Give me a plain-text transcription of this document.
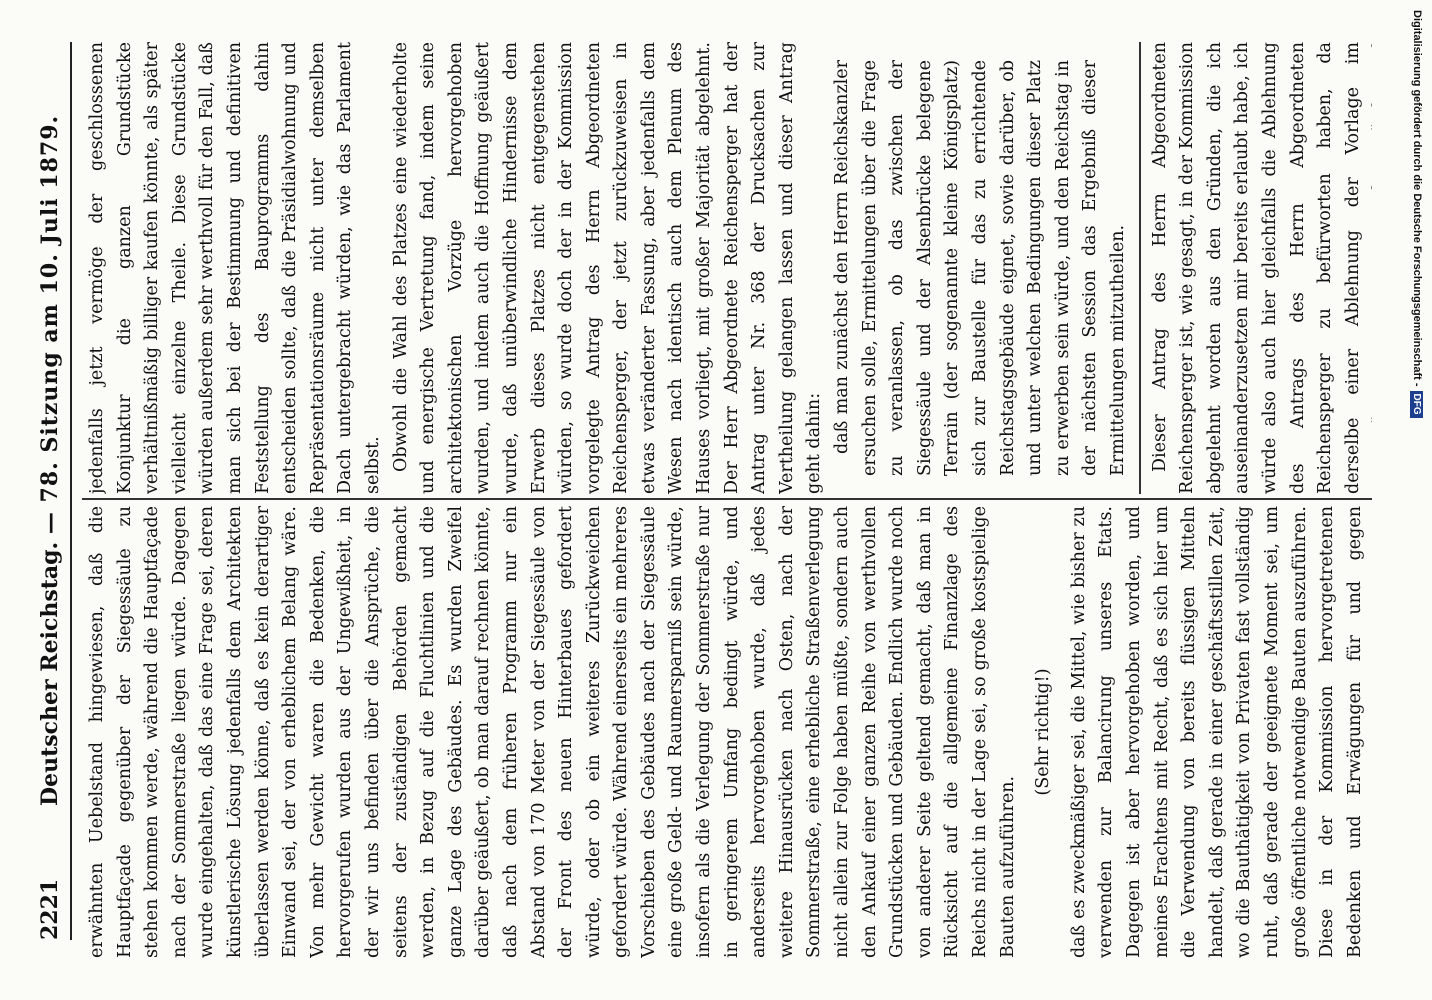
2221
Deutscher Reichstag. — 78. Sitzung am 10. Juli 1879.

erwähnten Uebelstand hingewiesen, daß die Hauptfaçade gegenüber der Siegessäule zu stehen kommen werde, während die Hauptfaçade nach der Sommerstraße liegen würde. Dagegen wurde eingehalten, daß das eine Frage sei, deren künstlerische Lösung jedenfalls dem Architekten überlassen werden könne, daß es kein derartiger Einwand sei, der von erheblichem Belang wäre. Von mehr Gewicht waren die Bedenken, die hervorgerufen wurden aus der Ungewißheit, in der wir uns befinden über die Ansprüche, die seitens der zuständigen Behörden gemacht werden, in Bezug auf die Fluchtlinien und die ganze Lage des Gebäudes. Es wurden Zweifel darüber geäußert, ob man darauf rechnen könnte, daß nach dem früheren Programm nur ein Abstand von 170 Meter von der Siegessäule von der Front des neuen Hinterbaues gefordert würde, oder ob ein weiteres Zurückweichen gefordert würde. Während einerseits ein mehreres Vorschieben des Gebäudes nach der Siegessäule eine große Geld- und Raumersparniß sein würde, insofern als die Verlegung der Sommerstraße nur in geringerem Umfang bedingt würde, und anderseits hervorgehoben wurde, daß jedes weitere Hinausrücken nach Osten, nach der Sommerstraße, eine erhebliche Straßenverlegung nicht allein zur Folge haben müßte, sondern auch den Ankauf einer ganzen Reihe von werthvollen Grundstücken und Gebäuden. Endlich wurde noch von anderer Seite geltend gemacht, daß man in Rücksicht auf die allgemeine Finanzlage des Reichs nicht in der Lage sei, so große kostspielige Bauten aufzuführen.

(Sehr richtig!)

daß es zweckmäßiger sei, die Mittel, wie bisher zu verwenden zur Balancirung unseres Etats. Dagegen ist aber hervorgehoben worden, und meines Erachtens mit Recht, daß es sich hier um die Verwendung von bereits flüssigen Mitteln handelt, daß gerade in einer geschäftsstillen Zeit, wo die Bauthätigkeit von Privaten fast vollständig ruht, daß gerade der geeignete Moment sei, um große öffentliche notwendige Bauten auszuführen. Diese in der Kommission hervorgetretenen Bedenken und Erwägungen für und gegen

jedenfalls jetzt vermöge der geschlossenen Konjunktur die ganzen Grundstücke verhältnißmäßig billiger kaufen könnte, als später vielleicht einzelne Theile. Diese Grundstücke würden außerdem sehr werthvoll für den Fall, daß man sich bei der Bestimmung und definitiven Feststellung des Bauprogramms dahin entscheiden sollte, daß die Präsidialwohnung und Repräsentationsräume nicht unter demselben Dach untergebracht würden, wie das Parlament selbst. Obwohl die Wahl des Platzes eine wiederholte und energische Vertretung fand, indem seine architektonischen Vorzüge hervorgehoben wurden, und indem auch die Hoffnung geäußert wurde, daß unüberwindliche Hindernisse dem Erwerb dieses Platzes nicht entgegenstehen würden, so wurde doch der in der Kommission vorgelegte Antrag des Herrn Abgeordneten Reichensperger, der jetzt zurückzuweisen in etwas veränderter Fassung, aber jedenfalls dem Wesen nach identisch auch dem Plenum des Hauses vorliegt, mit großer Majorität abgelehnt. Der Herr Abgeordnete Reichensperger hat der Antrag unter Nr. 368 der Drucksachen zur Vertheilung gelangen lassen und dieser Antrag geht dahin: daß man zunächst den Herrn Reichskanzler ersuchen solle, Ermittelungen über die Frage zu veranlassen, ob das zwischen der Siegessäule und der Alsenbrücke belegene Terrain (der sogenannte kleine Königsplatz) sich zur Baustelle für das zu errichtende Reichstagsgebäude eignet, sowie darüber, ob und unter welchen Bedingungen dieser Platz zu erwerben sein würde, und den Reichstag in der nächsten Session das Ergebniß dieser Ermittelungen mitzutheilen. Dieser Antrag des Herrn Abgeordneten Reichensperger ist, wie gesagt, in der Kommission abgelehnt worden aus den Gründen, die ich auseinanderzusetzen mir bereits erlaubt habe, ich würde also auch hier gleichfalls die Ablehnung des Antrags des Herrn Abgeordneten Reichensperger zu befürworten haben, da derselbe einer Ablehnung der Vorlage im	Digitalisierung gefördert durch die Deutsche Forschungsgemeinschaft -
DFG
